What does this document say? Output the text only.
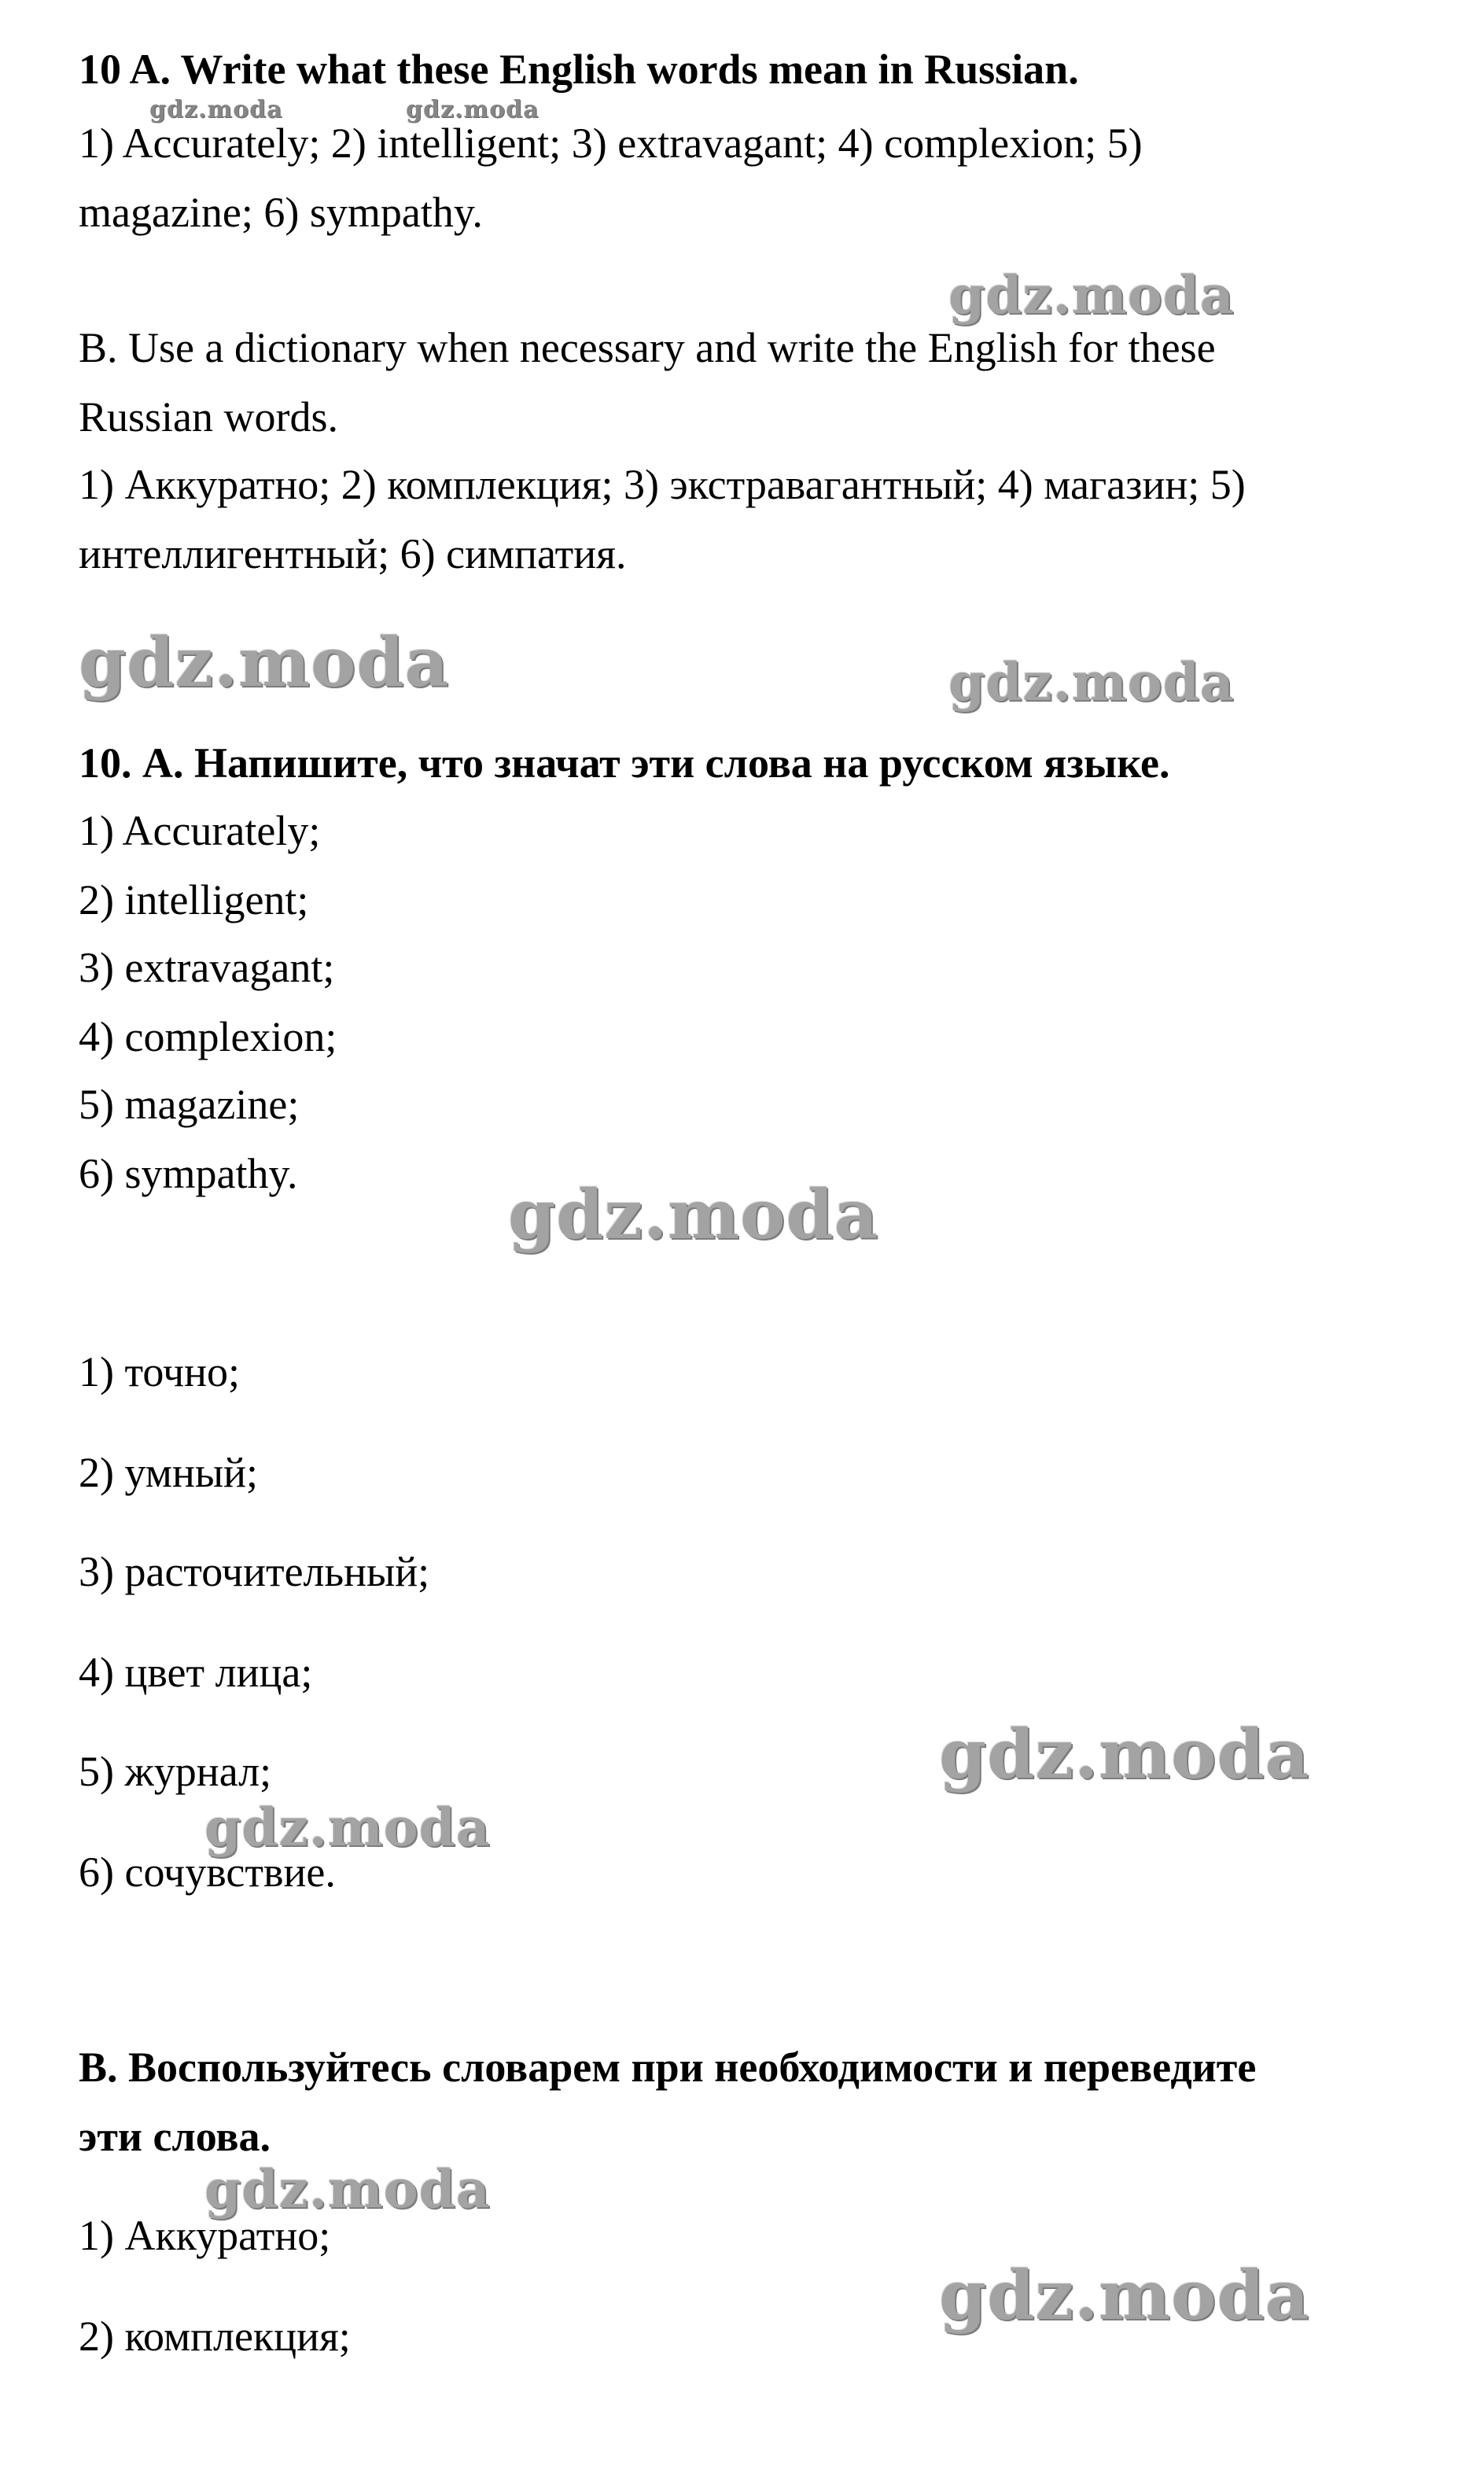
10 A. Write what these English words mean in Russian.

1) Accurately; 2) intelligent; 3) extravagant; 4) complexion; 5)

magazine; 6) sympathy.

B. Use a dictionary when necessary and write the English for these

Russian words.

1) Аккуратно; 2) комплекция; 3) экстравагантный; 4) магазин; 5)

интеллигентный; 6) симпатия.

10. А. Напишите, что значат эти слова на русском языке.

1) Accurately;

2) intelligent;

3) extravagant;

4) complexion;

5) magazine;

6) sympathy.

1) точно;

2) умный;

3) расточительный;

4) цвет лица;

5) журнал;

6) сочувствие.

В. Воспользуйтесь словарем при необходимости и переведите

эти слова.

1) Аккуратно;

2) комплекция;

gdz.moda	gdz.moda
gdz.moda
gdz.moda	gdz.moda
gdz.moda
gdz.moda
gdz.moda
gdz.moda
gdz.moda
